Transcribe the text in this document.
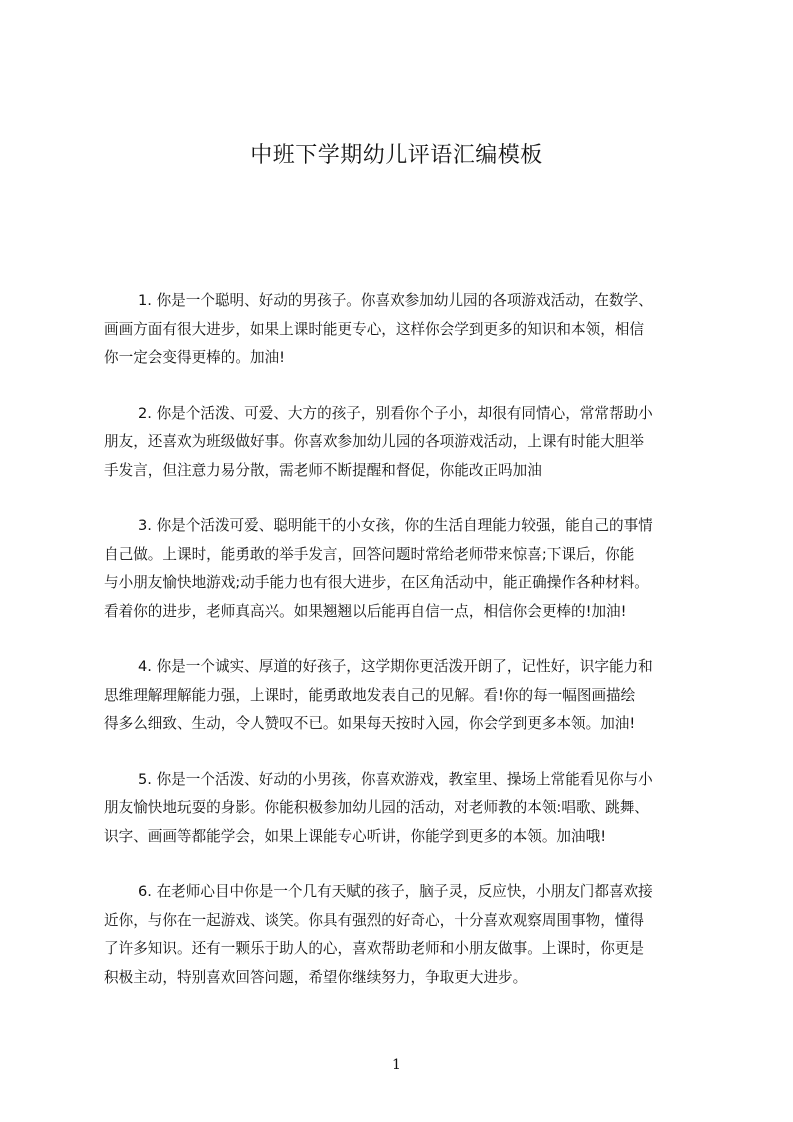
中班下学期幼儿评语汇编模板

1. 你是一个聪明、好动的男孩子。你喜欢参加幼儿园的各项游戏活动，在数学、
画画方面有很大进步，如果上课时能更专心，这样你会学到更多的知识和本领，相信
你一定会变得更棒的。加油!

2. 你是个活泼、可爱、大方的孩子，别看你个子小，却很有同情心，常常帮助小
朋友，还喜欢为班级做好事。你喜欢参加幼儿园的各项游戏活动，上课有时能大胆举
手发言，但注意力易分散，需老师不断提醒和督促，你能改正吗加油

3. 你是个活泼可爱、聪明能干的小女孩，你的生活自理能力较强，能自己的事情
自己做。上课时，能勇敢的举手发言，回答问题时常给老师带来惊喜;下课后，你能
与小朋友愉快地游戏;动手能力也有很大进步，在区角活动中，能正确操作各种材料。
看着你的进步，老师真高兴。如果翘翘以后能再自信一点，相信你会更棒的!加油!

4. 你是一个诚实、厚道的好孩子，这学期你更活泼开朗了，记性好，识字能力和
思维理解理解能力强，上课时，能勇敢地发表自己的见解。看!你的每一幅图画描绘
得多么细致、生动，令人赞叹不已。如果每天按时入园，你会学到更多本领。加油!

5. 你是一个活泼、好动的小男孩，你喜欢游戏，教室里、操场上常能看见你与小
朋友愉快地玩耍的身影。你能积极参加幼儿园的活动，对老师教的本领:唱歌、跳舞、
识字、画画等都能学会，如果上课能专心听讲，你能学到更多的本领。加油哦!

6. 在老师心目中你是一个几有天赋的孩子，脑子灵，反应快，小朋友门都喜欢接
近你，与你在一起游戏、谈笑。你具有强烈的好奇心，十分喜欢观察周围事物，懂得
了许多知识。还有一颗乐于助人的心，喜欢帮助老师和小朋友做事。上课时，你更是
积极主动，特别喜欢回答问题，希望你继续努力，争取更大进步。

1
